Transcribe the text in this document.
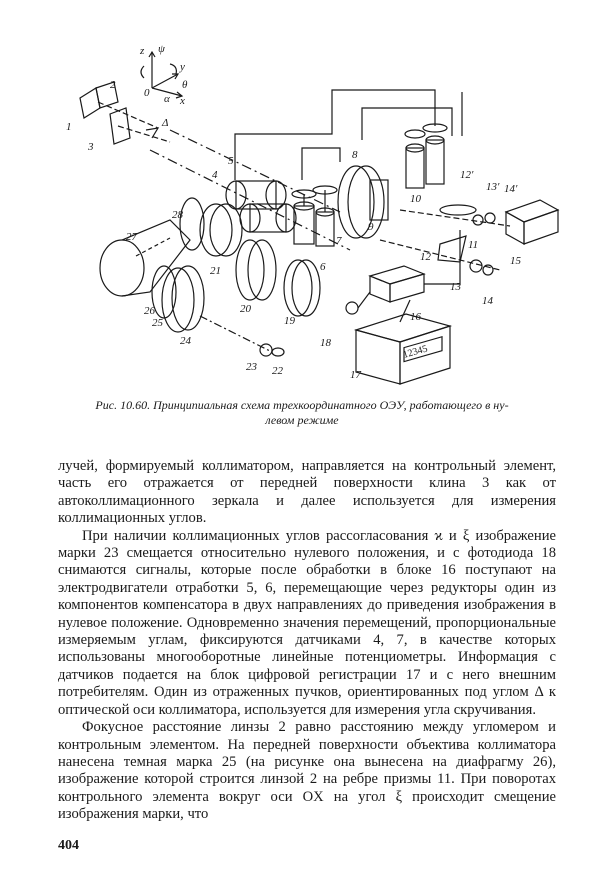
z ψ
y
0 α x
θ
1
2
3
4
5
6
7
8
9
10
11
12
12′
13
13′
14
14′
15
16
17
18
19
20
21
22
23
24
25
26
27
28
Δ
12345
Рис. 10.60. Принципиальная схема трехкоординатного ОЭУ, работающего в ну-
левом режиме

лучей, формируемый коллиматором, направляется на контрольный элемент, часть его отражается от передней поверхности клина 3 как от автоколлимационного зеркала и далее используется для измерения коллимационных углов.

При наличии коллимационных углов рассогласования ϰ и ξ изображение марки 23 смещается относительно нулевого положения, и с фотодиода 18 снимаются сигналы, которые после обработки в блоке 16 поступают на электродвигатели отработки 5, 6, перемещающие через редукторы один из компонентов компенсатора в двух направлениях до приведения изображения в нулевое положение. Одновременно значения перемещений, пропорциональные измеряемым углам, фиксируются датчиками 4, 7, в качестве которых использованы многооборотные линейные потенциометры. Информация с датчиков подается на блок цифровой регистрации 17 и с него внешним потребителям. Один из отраженных пучков, ориентированных под углом Δ к оптической оси коллиматора, используется для измерения угла скручивания.

Фокусное расстояние линзы 2 равно расстоянию между угломером и контрольным элементом. На передней поверхности объектива коллиматора нанесена темная марка 25 (на рисунке она вынесена на диафрагму 26), изображение которой строится линзой 2 на ребре призмы 11. При поворотах контрольного элемента вокруг оси OX на угол ξ происходит смещение изображения марки, что

404
